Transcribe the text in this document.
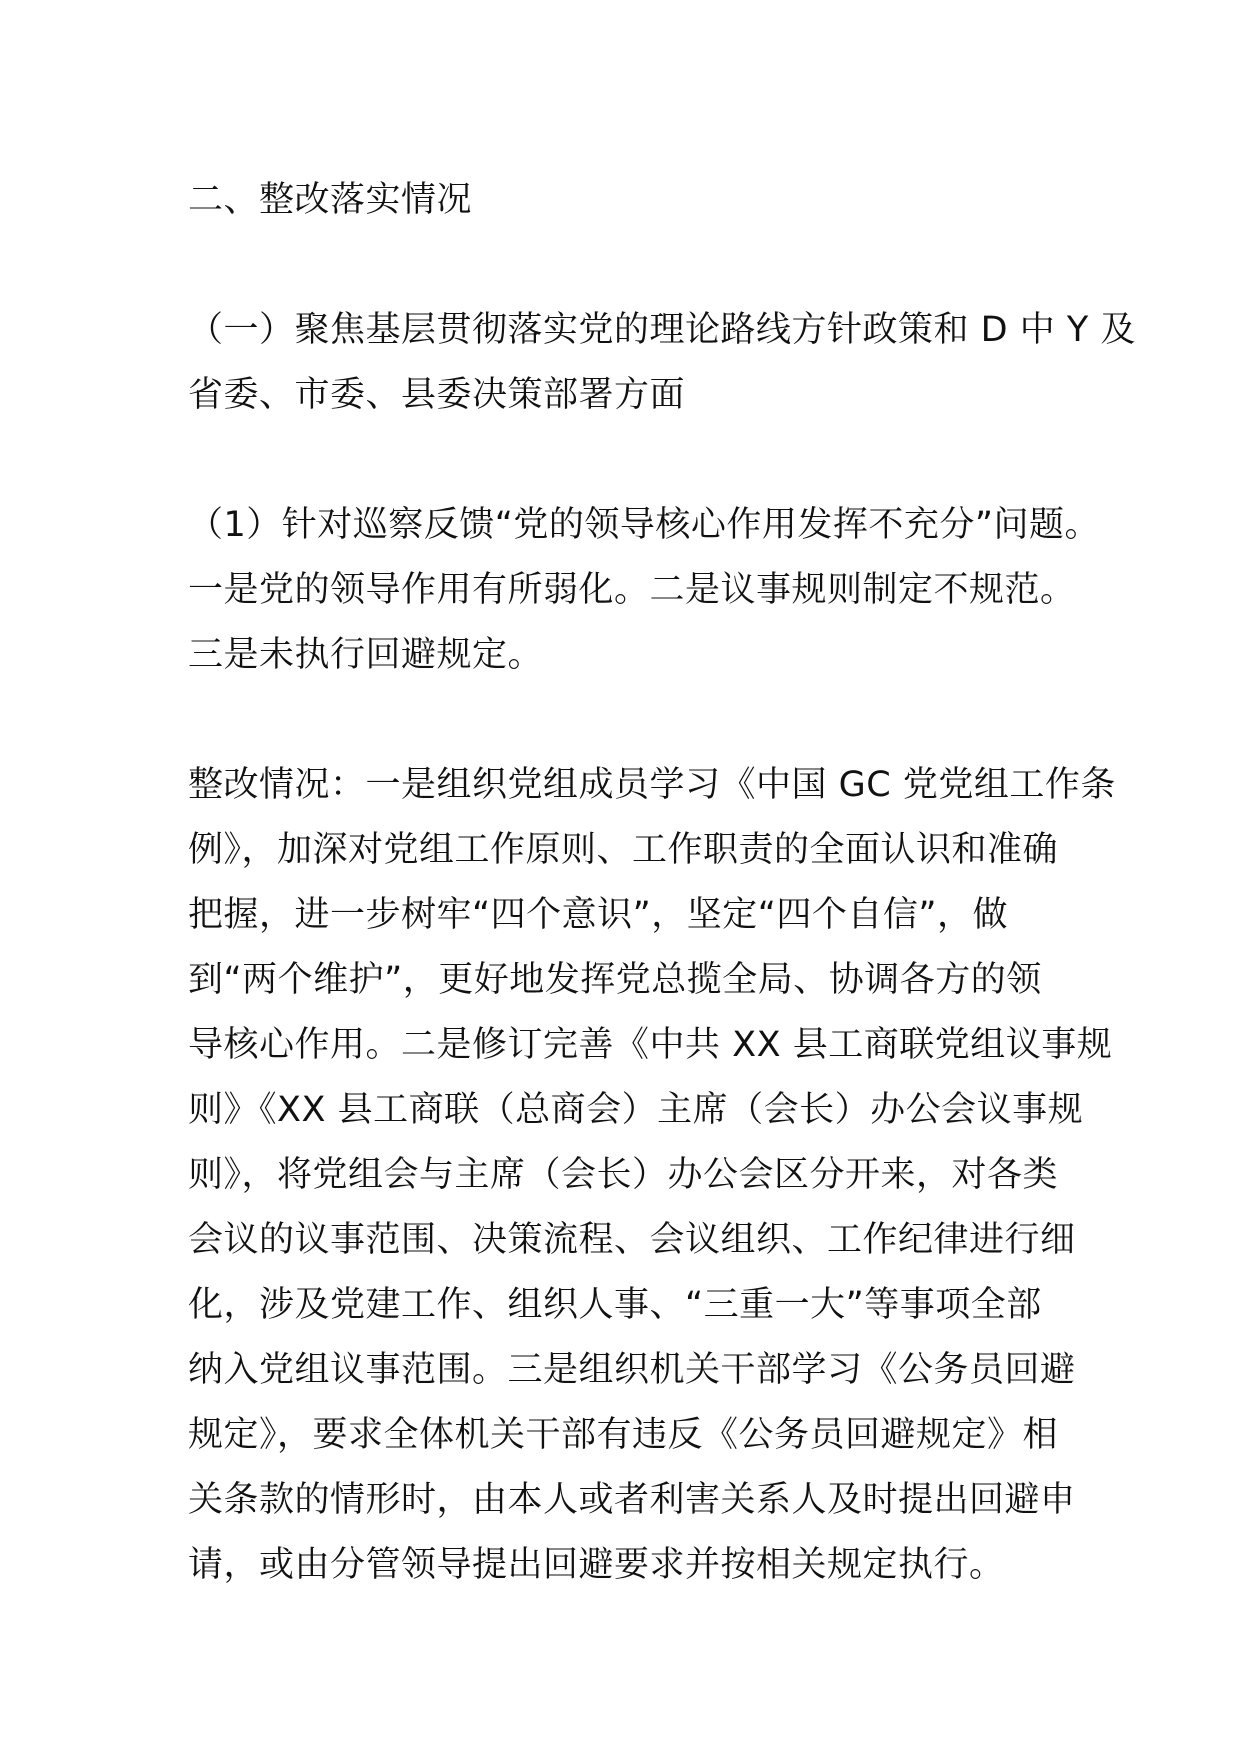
二、整改落实情况
（一）聚焦基层贯彻落实党的理论路线方针政策和 D 中 Y 及
省委、市委、县委决策部署方面
（1）针对巡察反馈“党的领导核心作用发挥不充分”问题。
一是党的领导作用有所弱化。二是议事规则制定不规范。
三是未执行回避规定。
整改情况：一是组织党组成员学习《中国 GC 党党组工作条
例》，加深对党组工作原则、工作职责的全面认识和准确
把握，进一步树牢“四个意识”，坚定“四个自信”，做
到“两个维护”，更好地发挥党总揽全局、协调各方的领
导核心作用。二是修订完善《中共 XX 县工商联党组议事规
则》《XX 县工商联（总商会）主席（会长）办公会议事规
则》，将党组会与主席（会长）办公会区分开来，对各类
会议的议事范围、决策流程、会议组织、工作纪律进行细
化，涉及党建工作、组织人事、“三重一大”等事项全部
纳入党组议事范围。三是组织机关干部学习《公务员回避
规定》，要求全体机关干部有违反《公务员回避规定》相
关条款的情形时，由本人或者利害关系人及时提出回避申
请，或由分管领导提出回避要求并按相关规定执行。
